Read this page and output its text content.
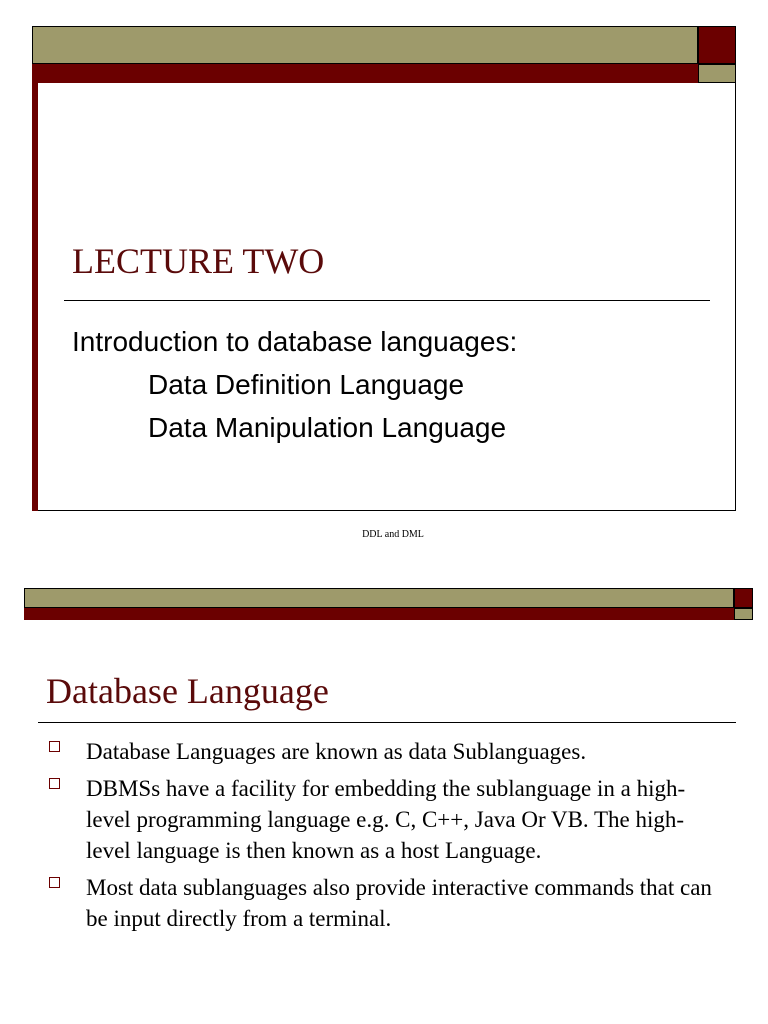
LECTURE TWO
Introduction to database languages:
Data Definition Language
Data Manipulation Language
DDL and DML
Database Language
Database Languages are known as data Sublanguages.
DBMSs have a facility for embedding the sublanguage in a high-level programming language e.g. C, C++, Java Or VB. The high-level language is then known as a host Language.
Most data sublanguages also provide interactive commands that can be input directly from a terminal.
